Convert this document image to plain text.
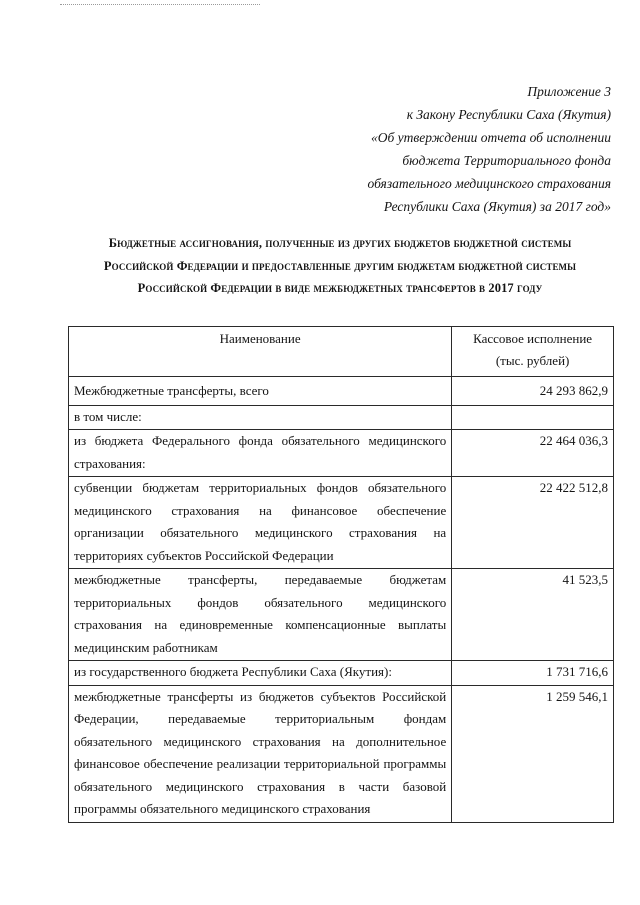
Приложение 3
к Закону Республики Саха (Якутия)
«Об утверждении отчета об исполнении
бюджета Территориального фонда
обязательного медицинского страхования
Республики Саха (Якутия) за 2017 год»
Бюджетные ассигнования, полученные из других бюджетов бюджетной системы
Российской Федерации и предоставленные другим бюджетам бюджетной системы
Российской Федерации в виде межбюджетных трансфертов в 2017 году
Наименование	Кассовое исполнение
(тыс. рублей)

Межбюджетные трансферты, всего	24 293 862,9
в том числе:	
из бюджета Федерального фонда обязательного медицинского страхования:	22 464 036,3
субвенции бюджетам территориальных фондов обязательного медицинского страхования на финансовое обеспечение организации обязательного медицинского страхования на территориях субъектов Российской Федерации	22 422 512,8
межбюджетные трансферты, передаваемые бюджетам территориальных фондов обязательного медицинского страхования на единовременные компенсационные выплаты медицинским работникам	41 523,5
из государственного бюджета Республики Саха (Якутия):	1 731 716,6
межбюджетные трансферты из бюджетов субъектов Российской Федерации, передаваемые территориальным фондам обязательного медицинского страхования на дополнительное финансовое обеспечение реализации территориальной программы обязательного медицинского страхования в части базовой программы обязательного медицинского страхования	1 259 546,1
